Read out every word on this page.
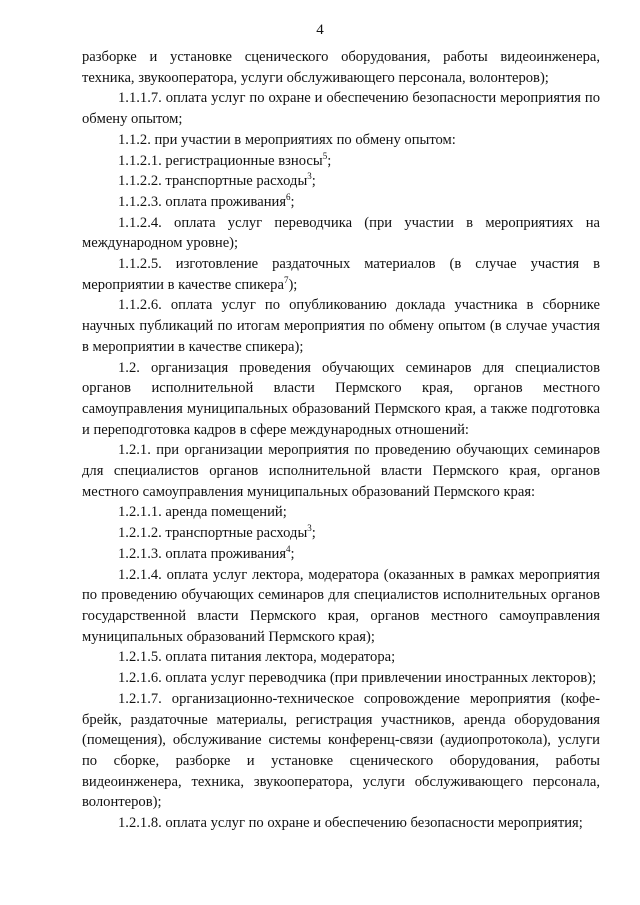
4

разборке и установке сценического оборудования, работы видеоинженера, техника, звукооператора, услуги обслуживающего персонала, волонтеров);

1.1.1.7. оплата услуг по охране и обеспечению безопасности мероприятия по обмену опытом;

1.1.2. при участии в мероприятиях по обмену опытом:

1.1.2.1. регистрационные взносы$^5$;

1.1.2.2. транспортные расходы$^3$;

1.1.2.3. оплата проживания$^6$;

1.1.2.4. оплата услуг переводчика (при участии в мероприятиях на международном уровне);

1.1.2.5. изготовление раздаточных материалов (в случае участия в мероприятии в качестве спикера$^7$);

1.1.2.6. оплата услуг по опубликованию доклада участника в сборнике научных публикаций по итогам мероприятия по обмену опытом (в случае участия в мероприятии в качестве спикера);

1.2. организация проведения обучающих семинаров для специалистов органов исполнительной власти Пермского края, органов местного самоуправления муниципальных образований Пермского края, а также подготовка и переподготовка кадров в сфере международных отношений:

1.2.1. при организации мероприятия по проведению обучающих семинаров для специалистов органов исполнительной власти Пермского края, органов местного самоуправления муниципальных образований Пермского края:

1.2.1.1. аренда помещений;

1.2.1.2. транспортные расходы$^3$;

1.2.1.3. оплата проживания$^4$;

1.2.1.4. оплата услуг лектора, модератора (оказанных в рамках мероприятия по проведению обучающих семинаров для специалистов исполнительных органов государственной власти Пермского края, органов местного самоуправления муниципальных образований Пермского края);

1.2.1.5. оплата питания лектора, модератора;

1.2.1.6. оплата услуг переводчика (при привлечении иностранных лекторов);

1.2.1.7. организационно-техническое сопровождение мероприятия (кофе-брейк, раздаточные материалы, регистрация участников, аренда оборудования (помещения), обслуживание системы конференц-связи (аудиопротокола), услуги по сборке, разборке и установке сценического оборудования, работы видеоинженера, техника, звукооператора, услуги обслуживающего персонала, волонтеров);

1.2.1.8. оплата услуг по охране и обеспечению безопасности мероприятия;
